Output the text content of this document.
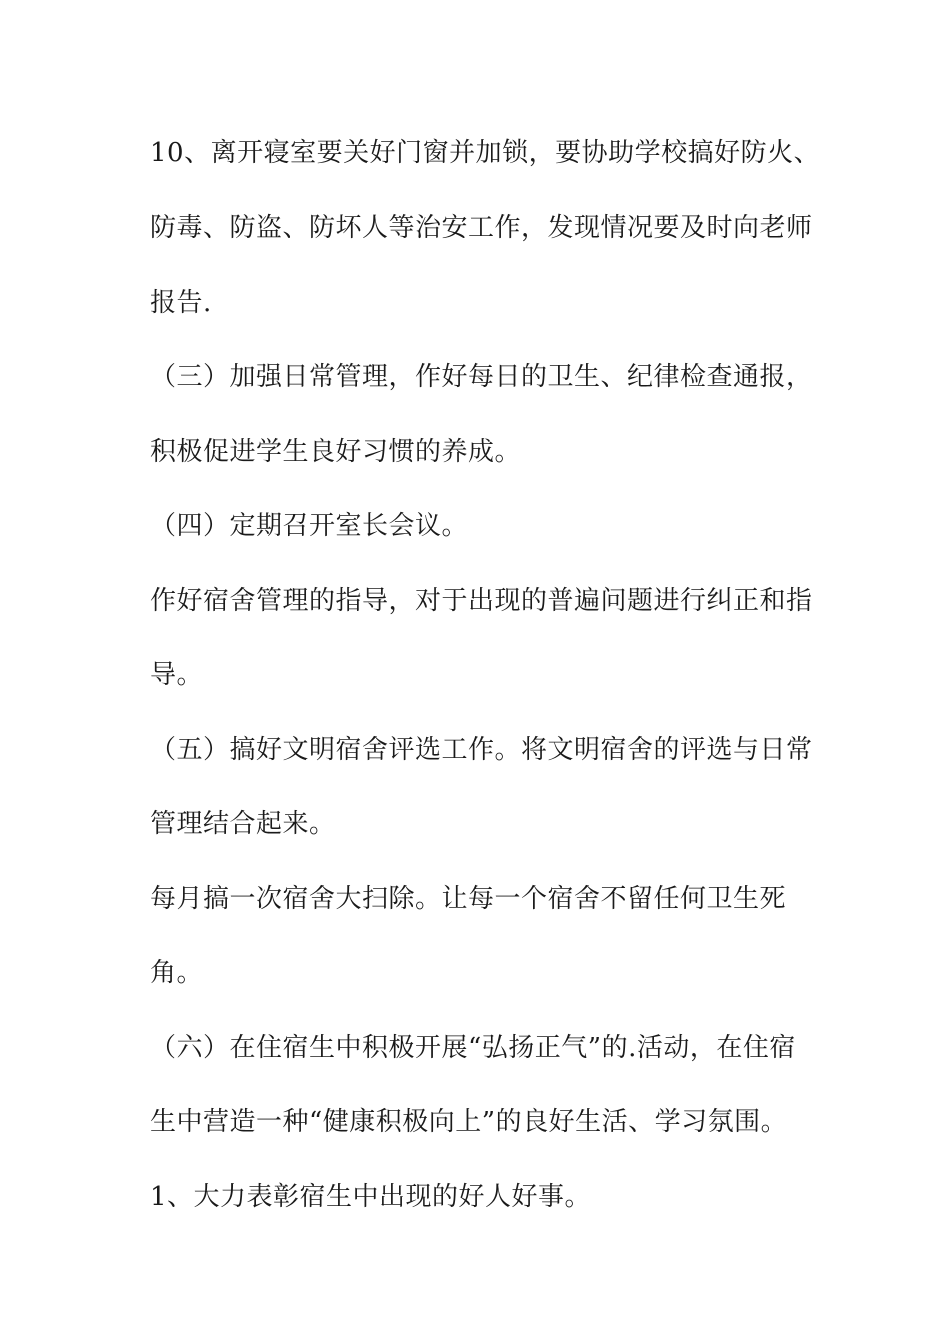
10、离开寝室要关好门窗并加锁，要协助学校搞好防火、
防毒、防盗、防坏人等治安工作，发现情况要及时向老师
报告.
（三）加强日常管理，作好每日的卫生、纪律检查通报，
积极促进学生良好习惯的养成。
（四）定期召开室长会议。
作好宿舍管理的指导，对于出现的普遍问题进行纠正和指
导。
（五）搞好文明宿舍评选工作。将文明宿舍的评选与日常
管理结合起来。
每月搞一次宿舍大扫除。让每一个宿舍不留任何卫生死
角。
（六）在住宿生中积极开展“弘扬正气”的.活动，在住宿
生中营造一种“健康积极向上”的良好生活、学习氛围。
1、大力表彰宿生中出现的好人好事。
